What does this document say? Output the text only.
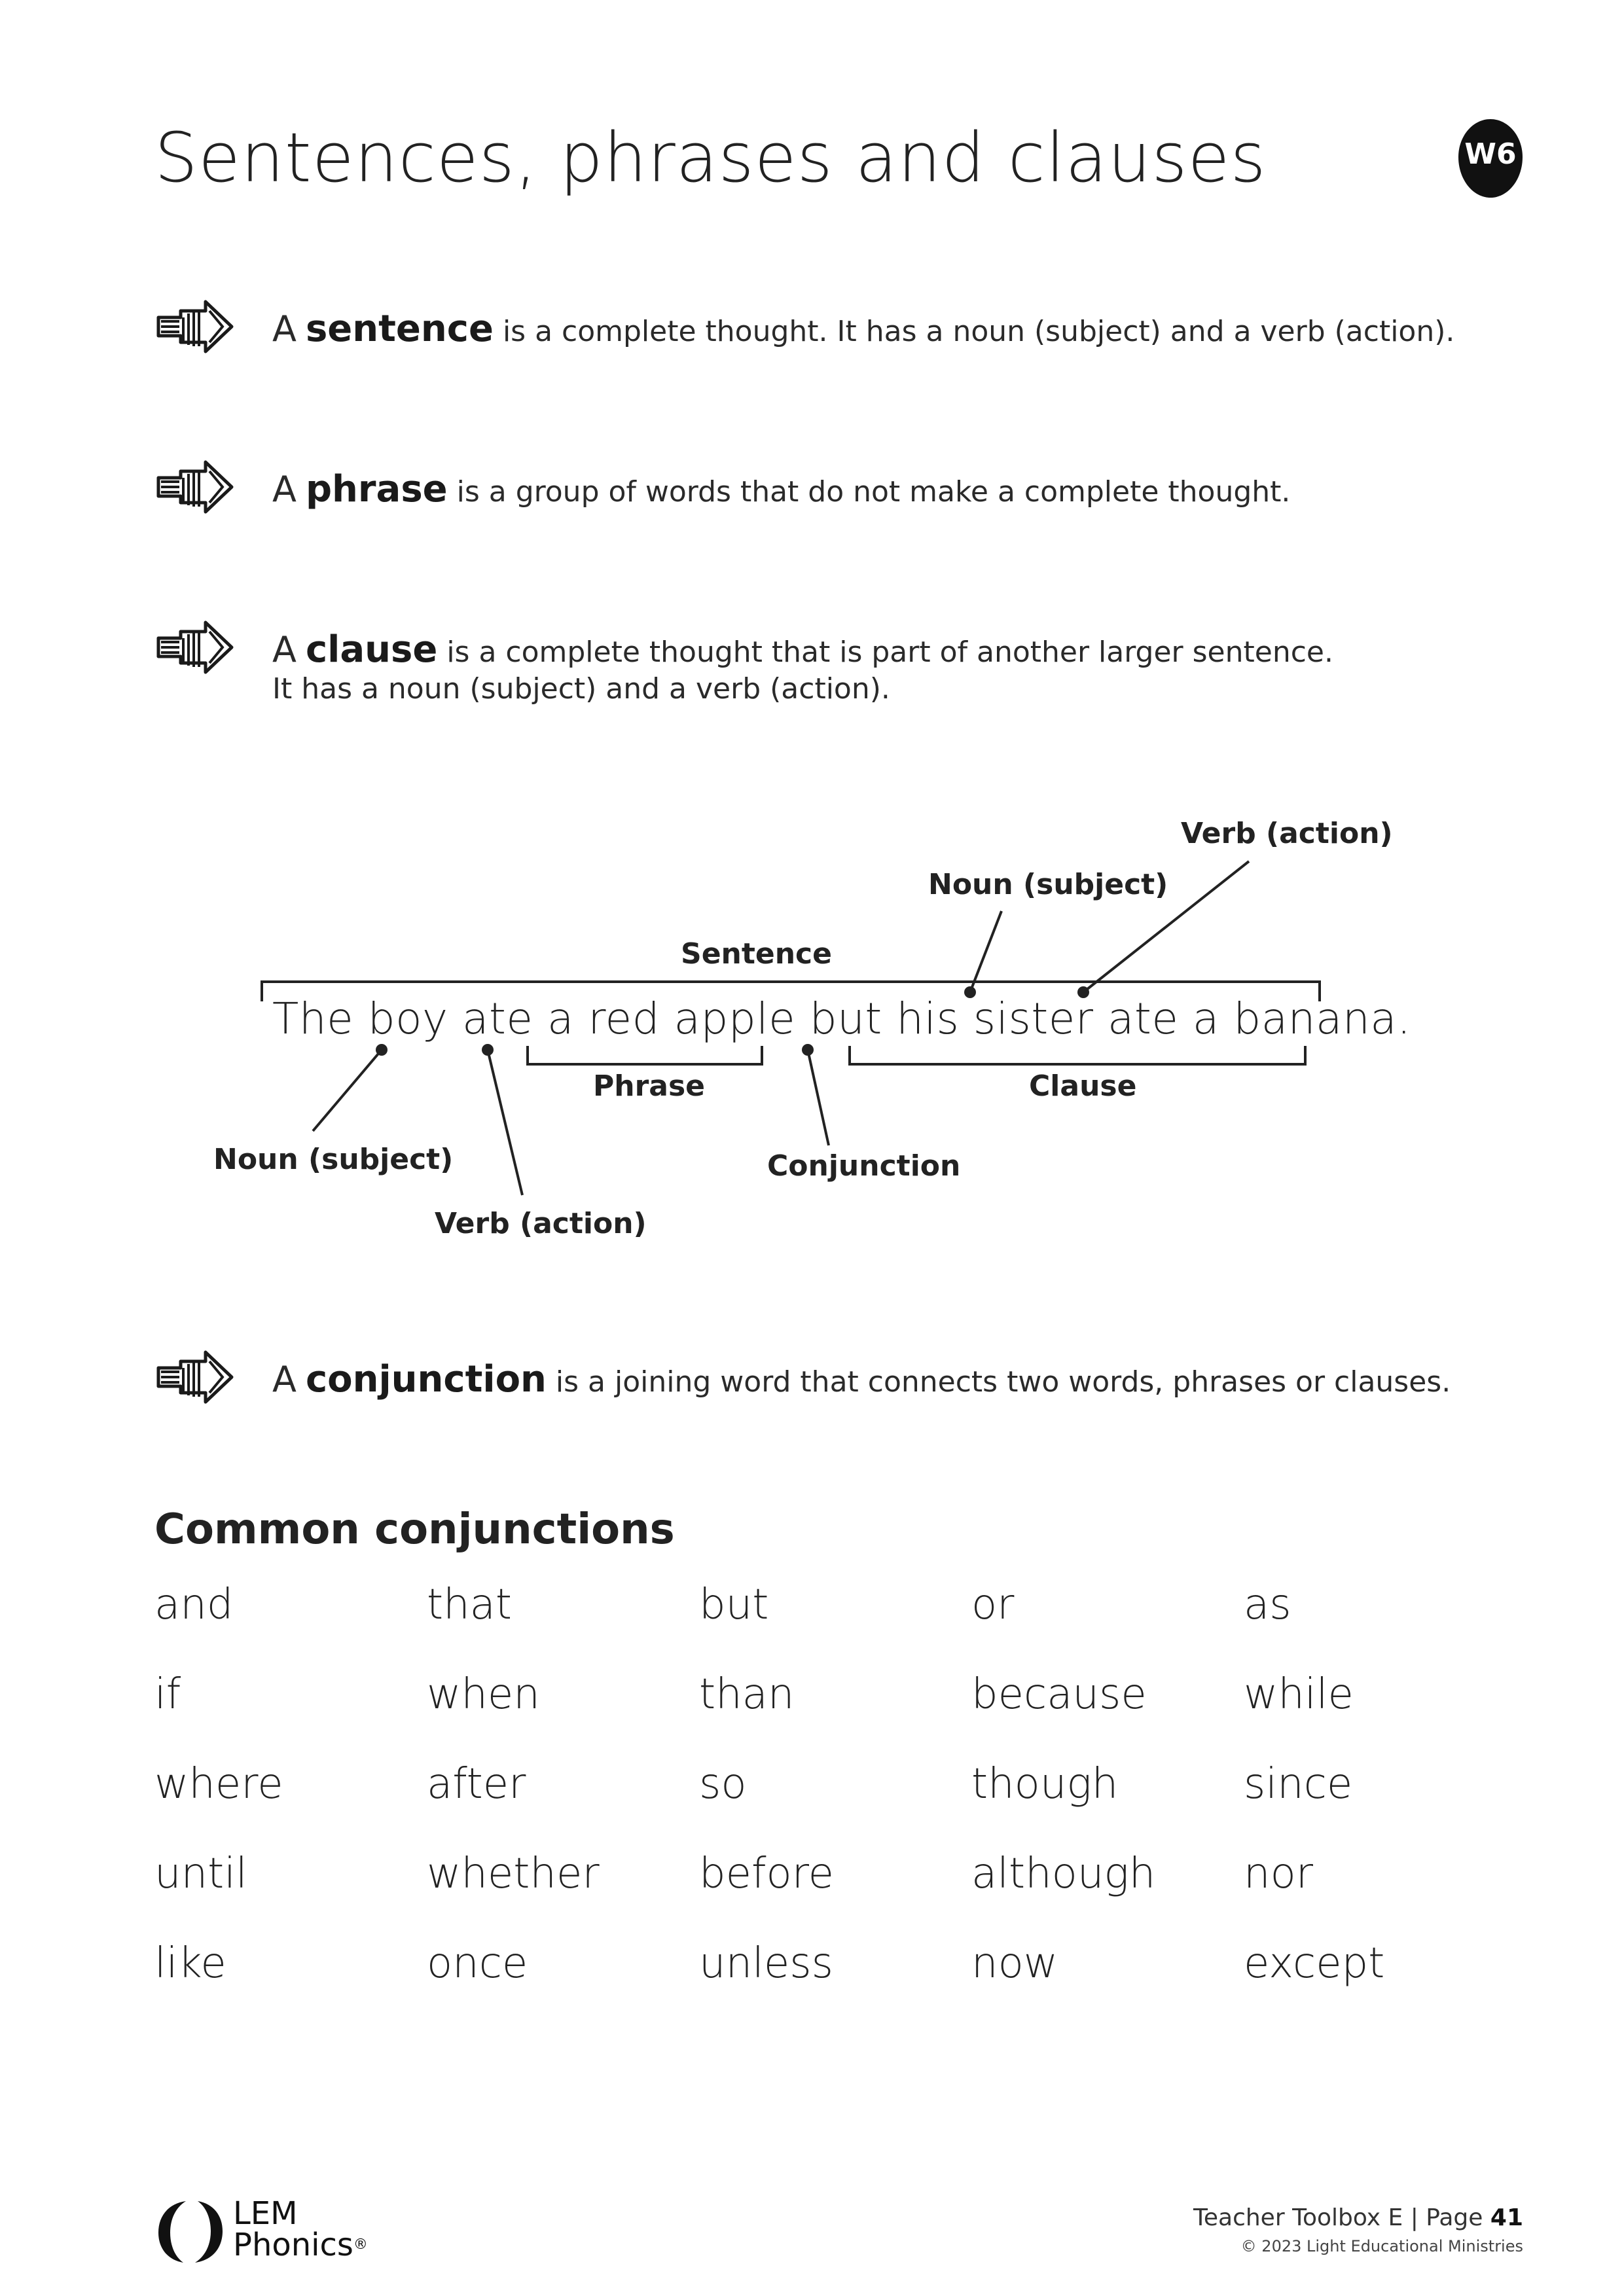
Sentences, phrases and clauses	W6
A sentence is a complete thought. It has a noun (subject) and a verb (action).
A phrase is a group of words that do not make a complete thought.
A clause is a complete thought that is part of another larger sentence.
It has a noun (subject) and a verb (action).
Sentence
The boy ate a red apple but his sister ate a banana.
Phrase	Clause
Noun (subject)
Verb (action)
Conjunction
Noun (subject)
Verb (action)
A conjunction is a joining word that connects two words, phrases or clauses.
Common conjunctions
and	that	but	or	as
if	when	than	because	while
where	after	so	though	since
until	whether	before	although	nor
like	once	unless	now	except
LEM
Phonics®
Teacher Toolbox E | Page 41
© 2023 Light Educational Ministries
